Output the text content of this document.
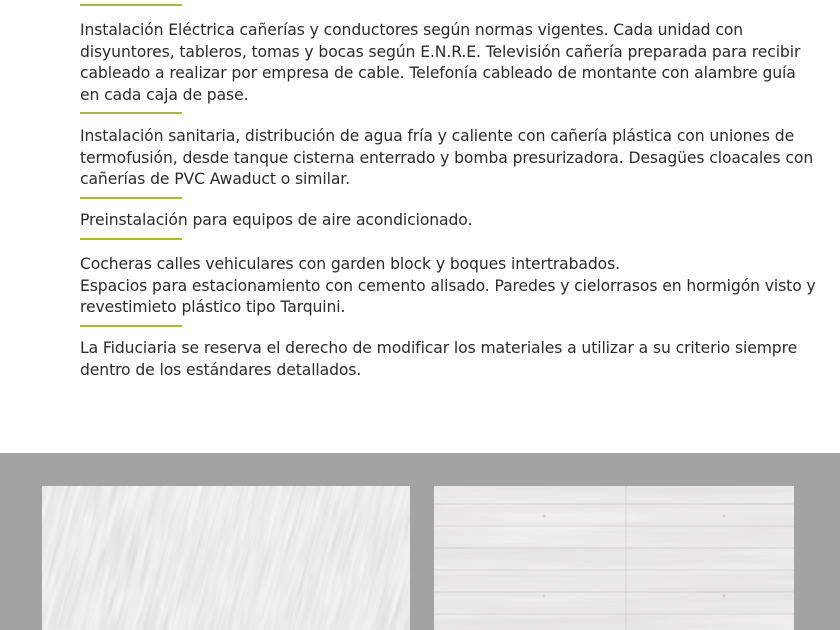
Instalación Eléctrica cañerías y conductores según normas vigentes. Cada unidad con

disyuntores, tableros, tomas y bocas según E.N.R.E. Televisión cañería preparada para recibir

cableado a realizar por empresa de cable. Telefonía cableado de montante con alambre guía

en cada caja de pase.

Instalación sanitaria, distribución de agua fría y caliente con cañería plástica con uniones de

termofusión, desde tanque cisterna enterrado y bomba presurizadora. Desagües cloacales con

cañerías de PVC Awaduct o similar.

Preinstalación para equipos de aire acondicionado.

Cocheras calles vehiculares con garden block y boques intertrabados.

Espacios para estacionamiento con cemento alisado. Paredes y cielorrasos en hormigón visto y

revestimieto plástico tipo Tarquini.

La Fiduciaria se reserva el derecho de modificar los materiales a utilizar a su criterio siempre

dentro de los estándares detallados.
